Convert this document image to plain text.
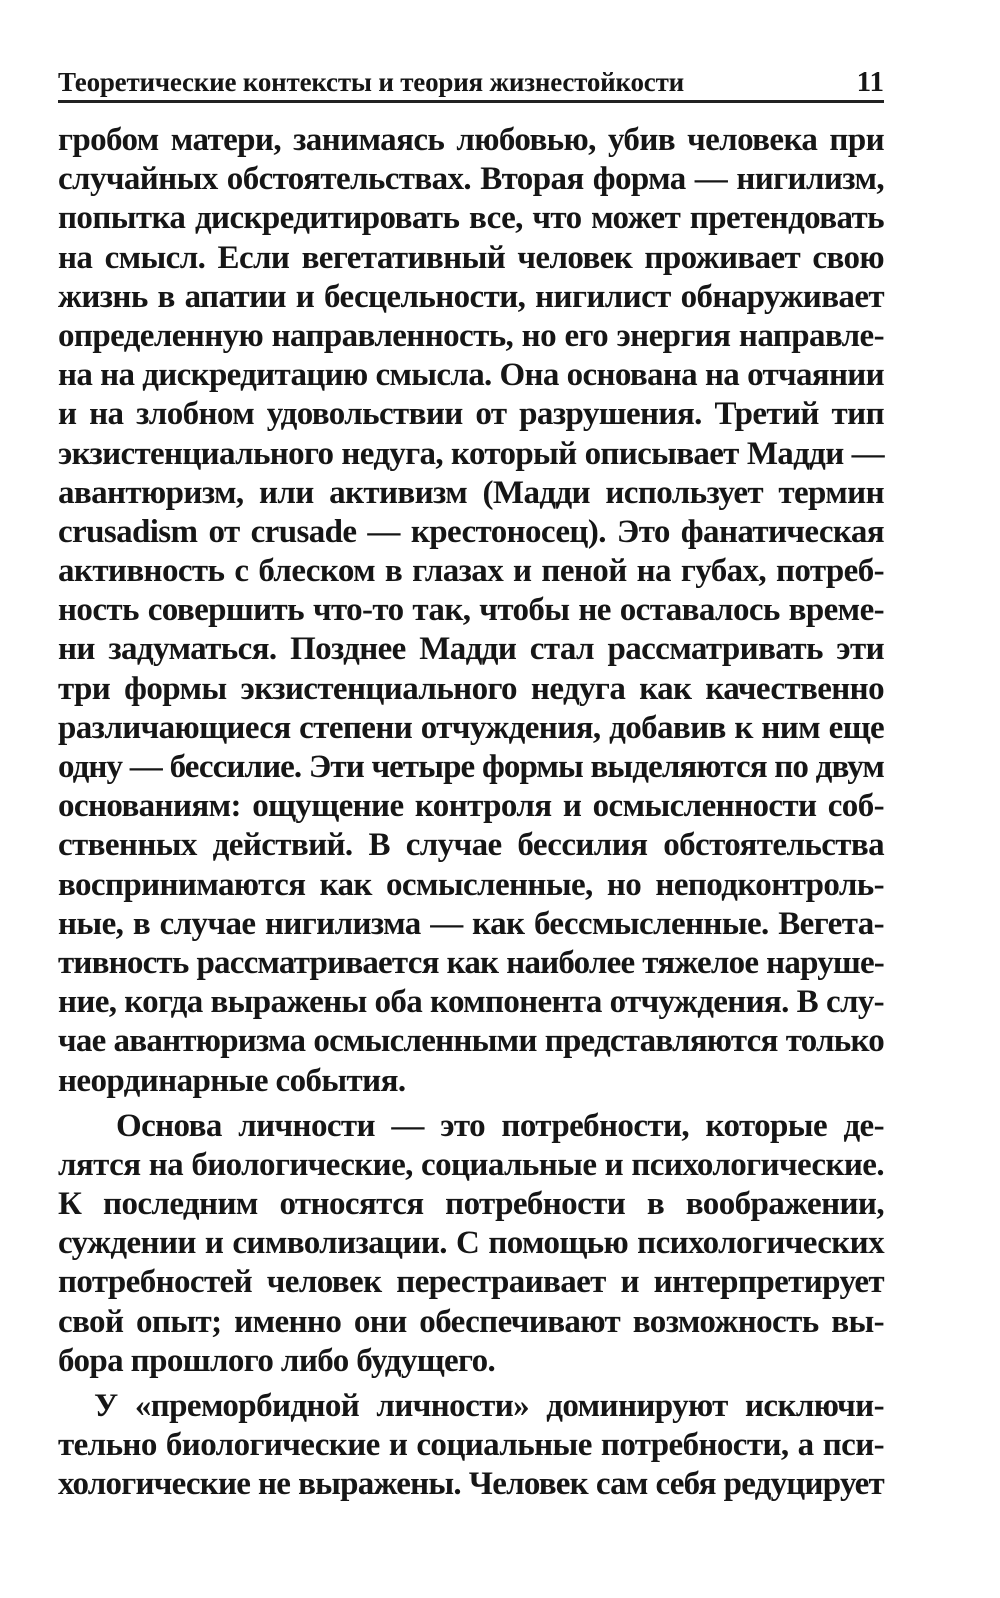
Теоретические контексты и теория жизнестойкости	11
гробом матери, занимаясь любовью, убив человека при
случайных обстоятельствах. Вторая форма — нигилизм,
попытка дискредитировать все, что может претендовать
на смысл. Если вегетативный человек проживает свою
жизнь в апатии и бесцельности, нигилист обнаруживает
определенную направленность, но его энергия направле-
на на дискредитацию смысла. Она основана на отчаянии
и на злобном удовольствии от разрушения. Третий тип
экзистенциального недуга, который описывает Мадди —
авантюризм, или активизм (Мадди использует термин
crusadism от crusade — крестоносец). Это фанатическая
активность с блеском в глазах и пеной на губах, потреб-
ность совершить что-то так, чтобы не оставалось време-
ни задуматься. Позднее Мадди стал рассматривать эти
три формы экзистенциального недуга как качественно
различающиеся степени отчуждения, добавив к ним еще
одну — бессилие. Эти четыре формы выделяются по двум
основаниям: ощущение контроля и осмысленности соб-
ственных действий. В случае бессилия обстоятельства
воспринимаются как осмысленные, но неподконтроль-
ные, в случае нигилизма — как бессмысленные. Вегета-
тивность рассматривается как наиболее тяжелое наруше-
ние, когда выражены оба компонента отчуждения. В слу-
чае авантюризма осмысленными представляются только
неординарные события.
Основа личности — это потребности, которые де-
лятся на биологические, социальные и психологические.
К последним относятся потребности в воображении,
суждении и символизации. С помощью психологических
потребностей человек перестраивает и интерпретирует
свой опыт; именно они обеспечивают возможность вы-
бора прошлого либо будущего.
У «преморбидной личности» доминируют исключи-
тельно биологические и социальные потребности, а пси-
хологические не выражены. Человек сам себя редуцирует
